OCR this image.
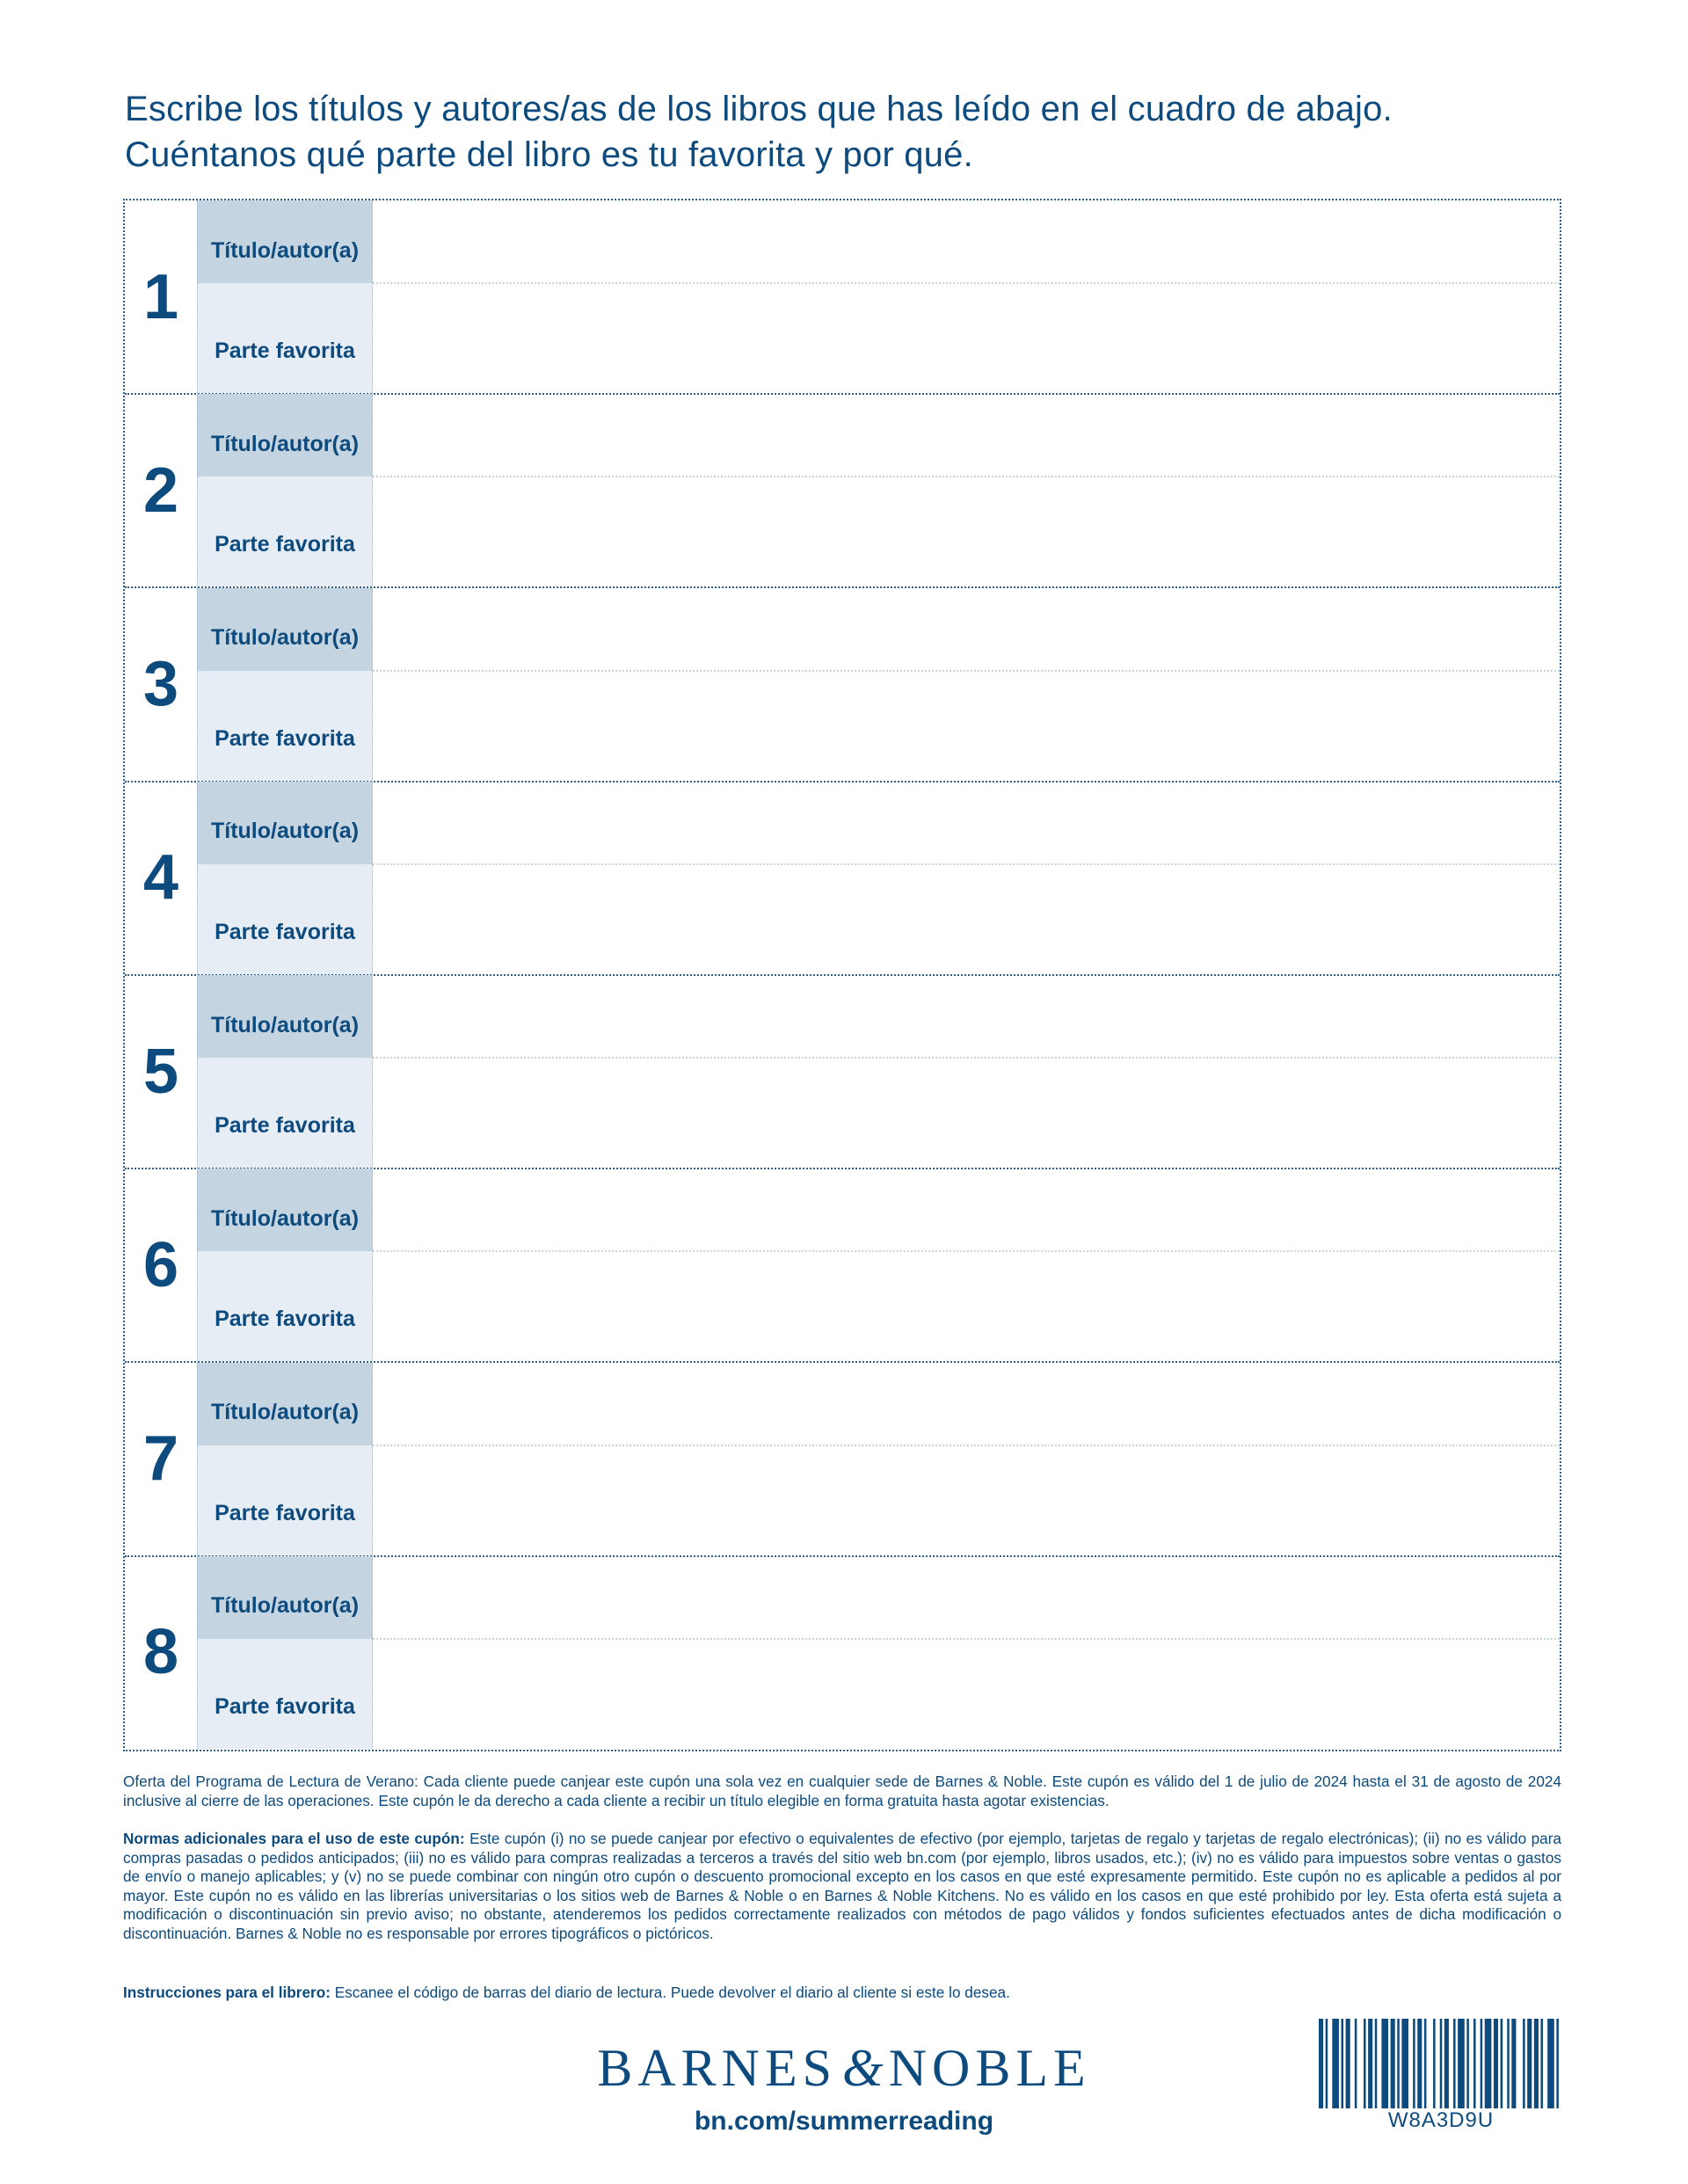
Escribe los títulos y autores/as de los libros que has leído en el cuadro de abajo.
Cuéntanos qué parte del libro es tu favorita y por qué.
1
Título/autor(a)
Parte favorita
2
Título/autor(a)
Parte favorita
3
Título/autor(a)
Parte favorita
4
Título/autor(a)
Parte favorita
5
Título/autor(a)
Parte favorita
6
Título/autor(a)
Parte favorita
7
Título/autor(a)
Parte favorita
8
Título/autor(a)
Parte favorita
Oferta del Programa de Lectura de Verano: Cada cliente puede canjear este cupón una sola vez en cualquier sede de Barnes & Noble. Este cupón es válido del 1 de julio de 2024 hasta el 31 de agosto de 2024 inclusive al cierre de las operaciones. Este cupón le da derecho a cada cliente a recibir un título elegible en forma gratuita hasta agotar existencias.
Normas adicionales para el uso de este cupón: Este cupón (i) no se puede canjear por efectivo o equivalentes de efectivo (por ejemplo, tarjetas de regalo y tarjetas de regalo electrónicas); (ii) no es válido para compras pasadas o pedidos anticipados; (iii) no es válido para compras realizadas a terceros a través del sitio web bn.com (por ejemplo, libros usados, etc.); (iv) no es válido para impuestos sobre ventas o gastos de envío o manejo aplicables; y (v) no se puede combinar con ningún otro cupón o descuento promocional excepto en los casos en que esté expresamente permitido. Este cupón no es aplicable a pedidos al por mayor. Este cupón no es válido en las librerías universitarias o los sitios web de Barnes & Noble o en Barnes & Noble Kitchens. No es válido en los casos en que esté prohibido por ley. Esta oferta está sujeta a modificación o discontinuación sin previo aviso; no obstante, atenderemos los pedidos correctamente realizados con métodos de pago válidos y fondos suficientes efectuados antes de dicha modificación o discontinuación. Barnes & Noble no es responsable por errores tipográficos o pictóricos.
Instrucciones para el librero: Escanee el código de barras del diario de lectura. Puede devolver el diario al cliente si este lo desea.
BARNES & NOBLE
bn.com/summerreading	W8A3D9U
